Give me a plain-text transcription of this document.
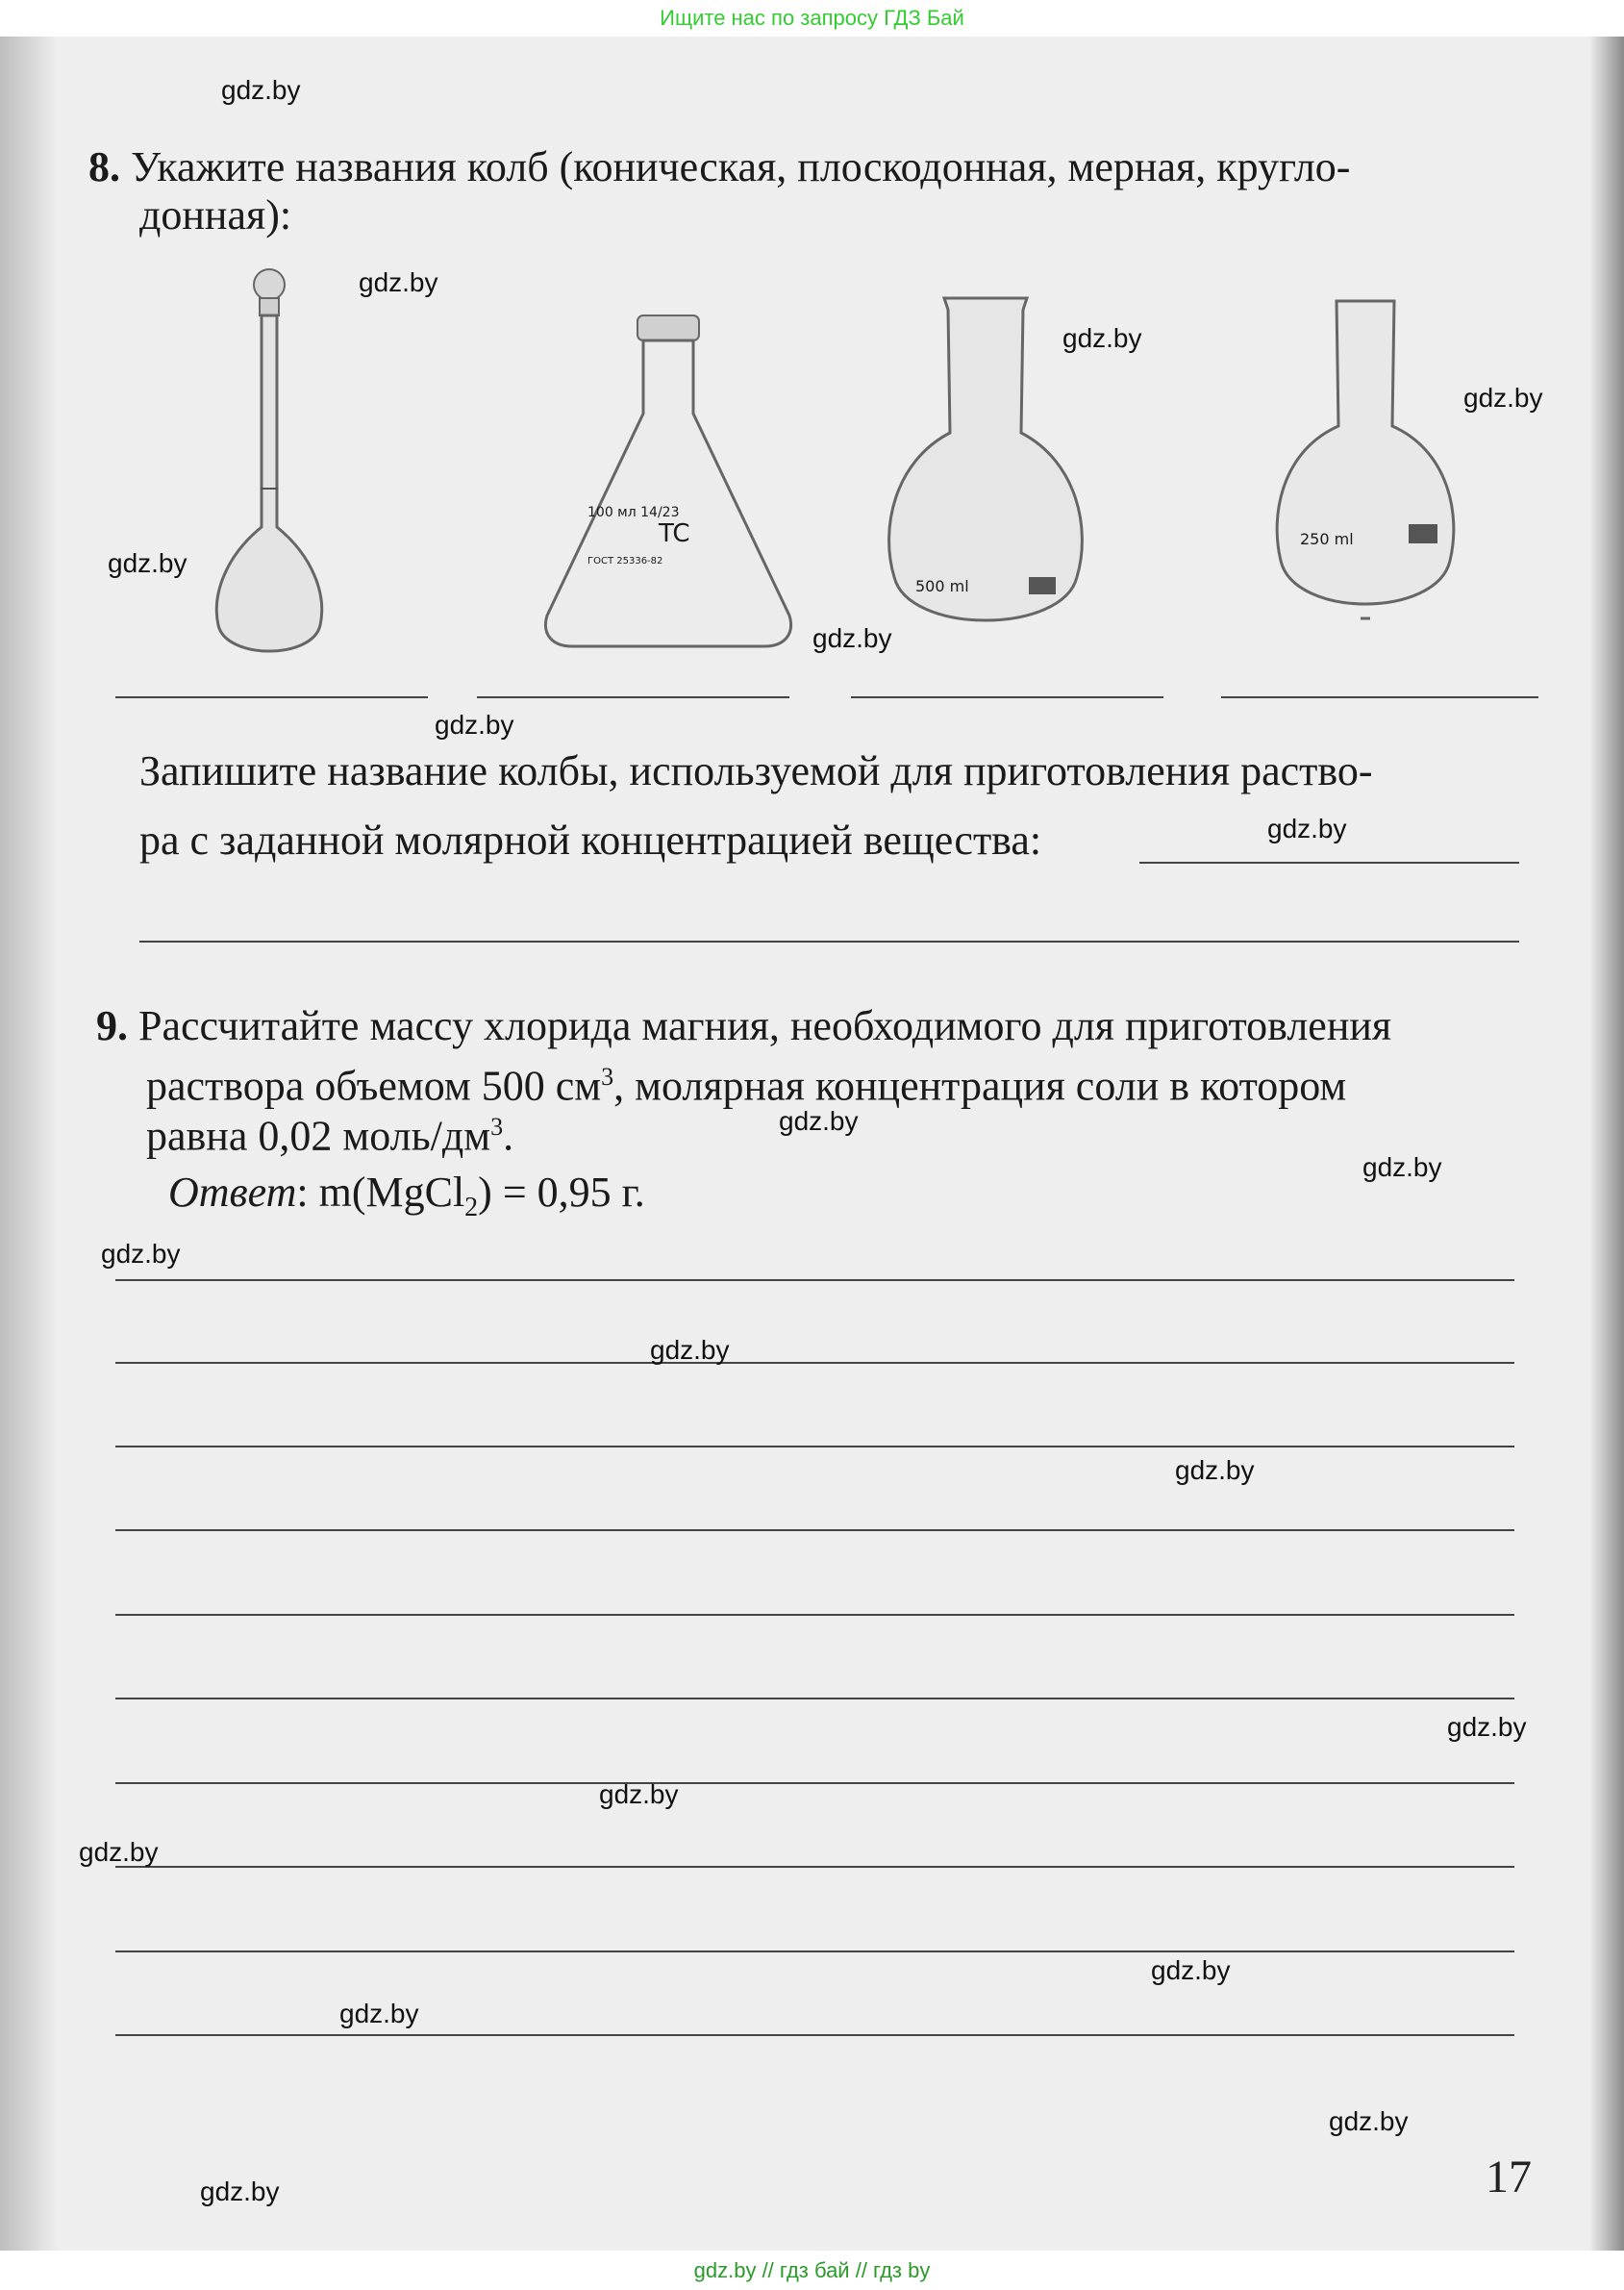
Ищите нас по запросу ГДЗ Бай
8. Укажите названия колб (коническая, плоскодонная, мерная, кругло-
донная):
100 мл 14/23
TC
ГОСТ 25336-82
500 ml
250 ml
Запишите название колбы, используемой для приготовления раство-
ра с заданной молярной концентрацией вещества:
9. Рассчитайте массу хлорида магния, необходимого для приготовления
раствора объемом 500 $см^3$, молярная концентрация соли в котором
равна 0,02 моль/$дм^3$.
Ответ: m(MgCl$_2$) = 0,95 г.
17
gdz.by
gdz.by
gdz.by
gdz.by
gdz.by
gdz.by
gdz.by
gdz.by
gdz.by
gdz.by
gdz.by
gdz.by
gdz.by
gdz.by
gdz.by
gdz.by
gdz.by
gdz.by
gdz.by
gdz.by
gdz.by // гдз бай // гдз by
